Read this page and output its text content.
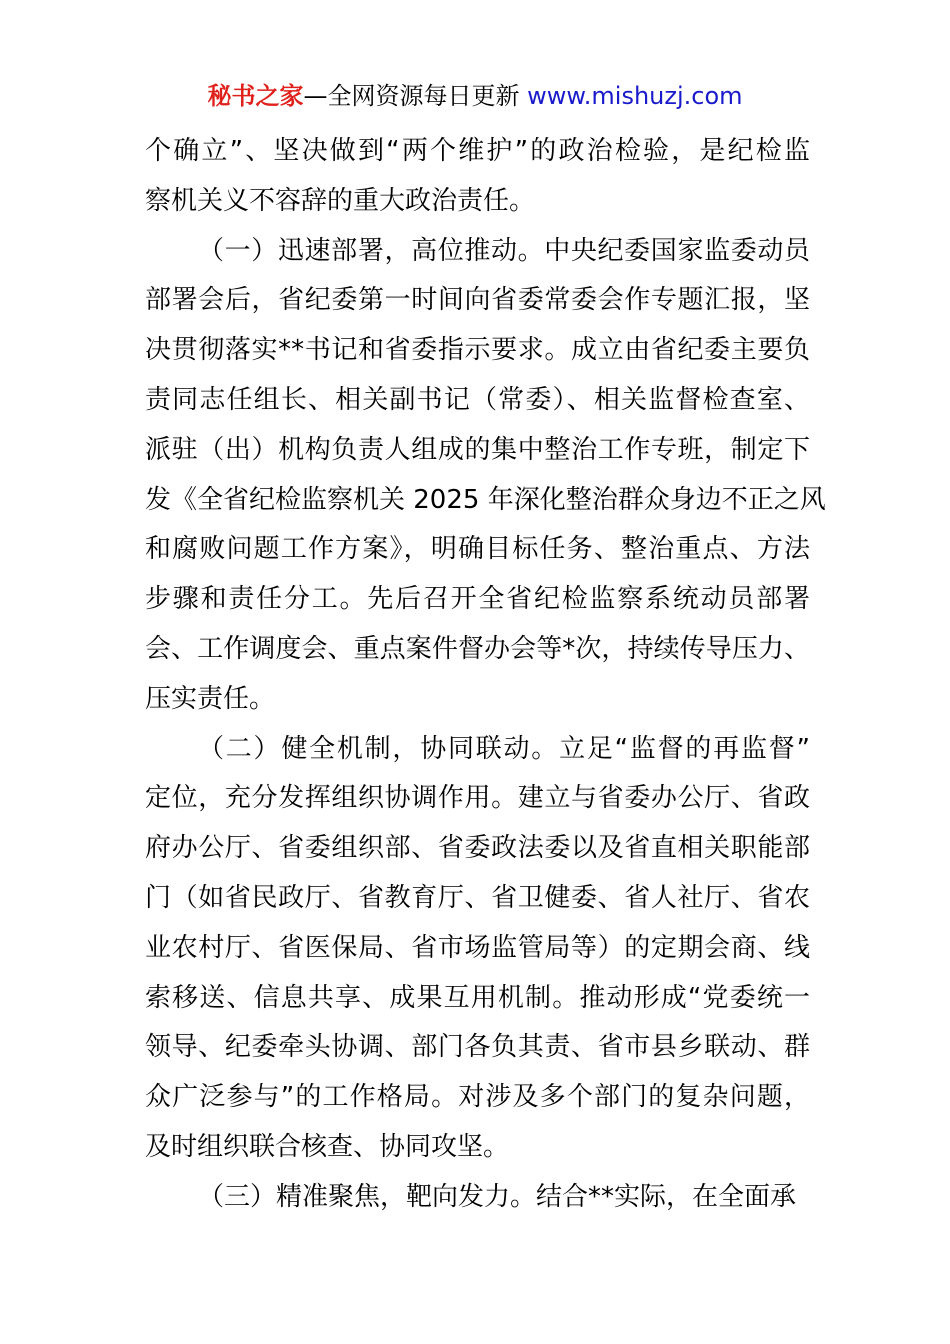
秘书之家—全网资源每日更新 www.mishuzj.com
个确立”、坚决做到“两个维护”的政治检验，是纪检监
察机关义不容辞的重大政治责任。
（一）迅速部署，高位推动。中央纪委国家监委动员
部署会后，省纪委第一时间向省委常委会作专题汇报，坚
决贯彻落实**书记和省委指示要求。成立由省纪委主要负
责同志任组长、相关副书记（常委）、相关监督检查室、
派驻（出）机构负责人组成的集中整治工作专班，制定下
发《全省纪检监察机关 2025 年深化整治群众身边不正之风
和腐败问题工作方案》，明确目标任务、整治重点、方法
步骤和责任分工。先后召开全省纪检监察系统动员部署
会、工作调度会、重点案件督办会等*次，持续传导压力、
压实责任。
（二）健全机制，协同联动。立足“监督的再监督”
定位，充分发挥组织协调作用。建立与省委办公厅、省政
府办公厅、省委组织部、省委政法委以及省直相关职能部
门（如省民政厅、省教育厅、省卫健委、省人社厅、省农
业农村厅、省医保局、省市场监管局等）的定期会商、线
索移送、信息共享、成果互用机制。推动形成“党委统一
领导、纪委牵头协调、部门各负其责、省市县乡联动、群
众广泛参与”的工作格局。对涉及多个部门的复杂问题，
及时组织联合核查、协同攻坚。
（三）精准聚焦，靶向发力。结合**实际，在全面承
